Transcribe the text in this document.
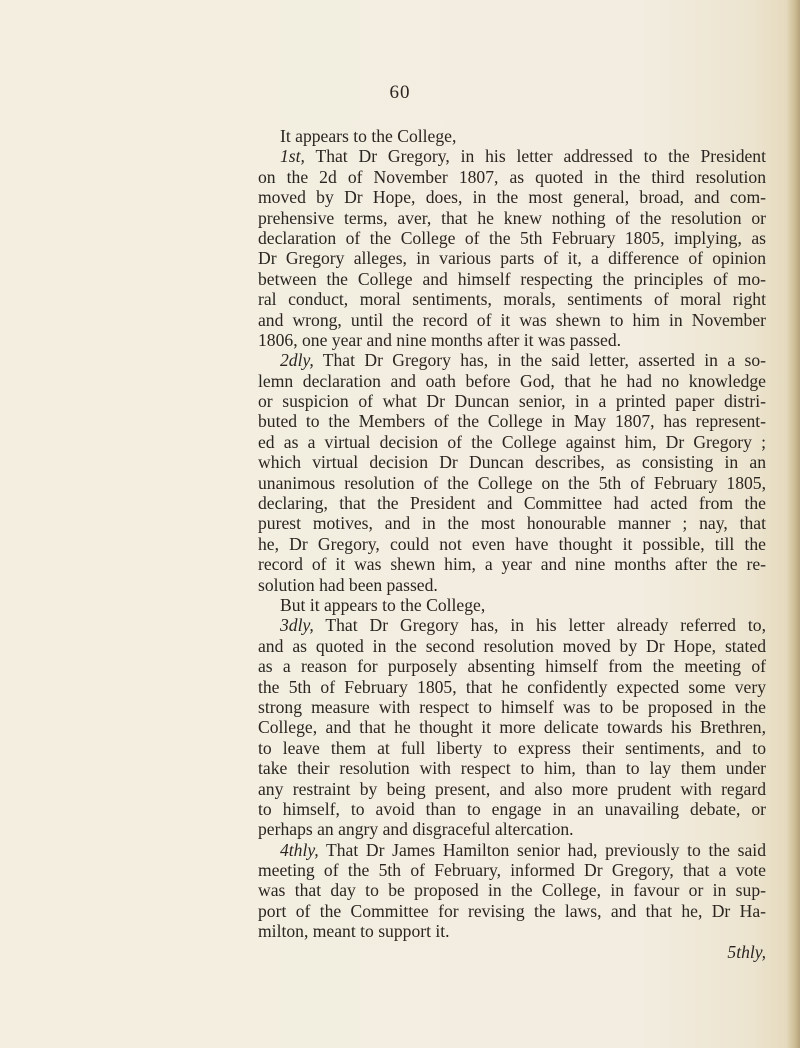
60
It appears to the College,
1st, That Dr Gregory, in his letter addressed to the President
on the 2d of November 1807, as quoted in the third resolution
moved by Dr Hope, does, in the most general, broad, and com-
prehensive terms, aver, that he knew nothing of the resolution or
declaration of the College of the 5th February 1805, implying, as
Dr Gregory alleges, in various parts of it, a difference of opinion
between the College and himself respecting the principles of mo-
ral conduct, moral sentiments, morals, sentiments of moral right
and wrong, until the record of it was shewn to him in November
1806, one year and nine months after it was passed.
2dly, That Dr Gregory has, in the said letter, asserted in a so-
lemn declaration and oath before God, that he had no knowledge
or suspicion of what Dr Duncan senior, in a printed paper distri-
buted to the Members of the College in May 1807, has represent-
ed as a virtual decision of the College against him, Dr Gregory ;
which virtual decision Dr Duncan describes, as consisting in an
unanimous resolution of the College on the 5th of February 1805,
declaring, that the President and Committee had acted from the
purest motives, and in the most honourable manner ; nay, that
he, Dr Gregory, could not even have thought it possible, till the
record of it was shewn him, a year and nine months after the re-
solution had been passed.
But it appears to the College,
3dly, That Dr Gregory has, in his letter already referred to,
and as quoted in the second resolution moved by Dr Hope, stated
as a reason for purposely absenting himself from the meeting of
the 5th of February 1805, that he confidently expected some very
strong measure with respect to himself was to be proposed in the
College, and that he thought it more delicate towards his Brethren,
to leave them at full liberty to express their sentiments, and to
take their resolution with respect to him, than to lay them under
any restraint by being present, and also more prudent with regard
to himself, to avoid than to engage in an unavailing debate, or
perhaps an angry and disgraceful altercation.
4thly, That Dr James Hamilton senior had, previously to the said
meeting of the 5th of February, informed Dr Gregory, that a vote
was that day to be proposed in the College, in favour or in sup-
port of the Committee for revising the laws, and that he, Dr Ha-
milton, meant to support it.
5thly,
